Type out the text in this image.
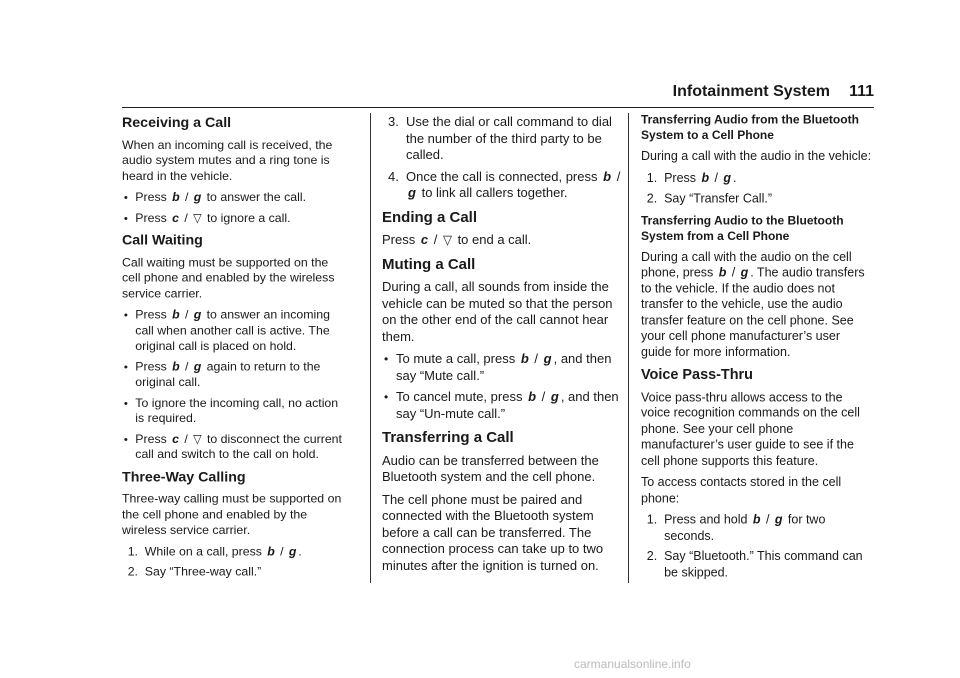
Infotainment System 111
Receiving a Call

When an incoming call is received, the audio system mutes and a ring tone is heard in the vehicle.

• Press b / g to answer the call.
• Press c / ▽ to ignore a call.
Call Waiting

Call waiting must be supported on the cell phone and enabled by the wireless service carrier.

• Press b / g to answer an incoming call when another call is active. The original call is placed on hold.
• Press b / g again to return to the original call.
• To ignore the incoming call, no action is required.
• Press c / ▽ to disconnect the current call and switch to the call on hold.
Three-Way Calling

Three-way calling must be supported on the cell phone and enabled by the wireless service carrier.

1. While on a call, press b / g .
2. Say “Three-way call.”
3. Use the dial or call command to dial the number of the third party to be called.
4. Once the call is connected, press b / g to link all callers together.
Ending a Call

Press c / ▽ to end a call.

Muting a Call

During a call, all sounds from inside the vehicle can be muted so that the person on the other end of the call cannot hear them.

• To mute a call, press b / g , and then say “Mute call.”
• To cancel mute, press b / g , and then say “Un-mute call.”
Transferring a Call

Audio can be transferred between the Bluetooth system and the cell phone.

The cell phone must be paired and connected with the Bluetooth system before a call can be transferred. The connection process can take up to two minutes after the ignition is turned on.

Transferring Audio from the Bluetooth System to a Cell Phone

During a call with the audio in the vehicle:

1. Press b / g .
2. Say “Transfer Call.”
Transferring Audio to the Bluetooth System from a Cell Phone

During a call with the audio on the cell phone, press b / g . The audio transfers to the vehicle. If the audio does not transfer to the vehicle, use the audio transfer feature on the cell phone. See your cell phone manufacturer’s user guide for more information.

Voice Pass-Thru

Voice pass-thru allows access to the voice recognition commands on the cell phone. See your cell phone manufacturer’s user guide to see if the cell phone supports this feature.

To access contacts stored in the cell phone:

1. Press and hold b / g for two seconds.
2. Say “Bluetooth.” This command can be skipped.
carmanualsonline.info
